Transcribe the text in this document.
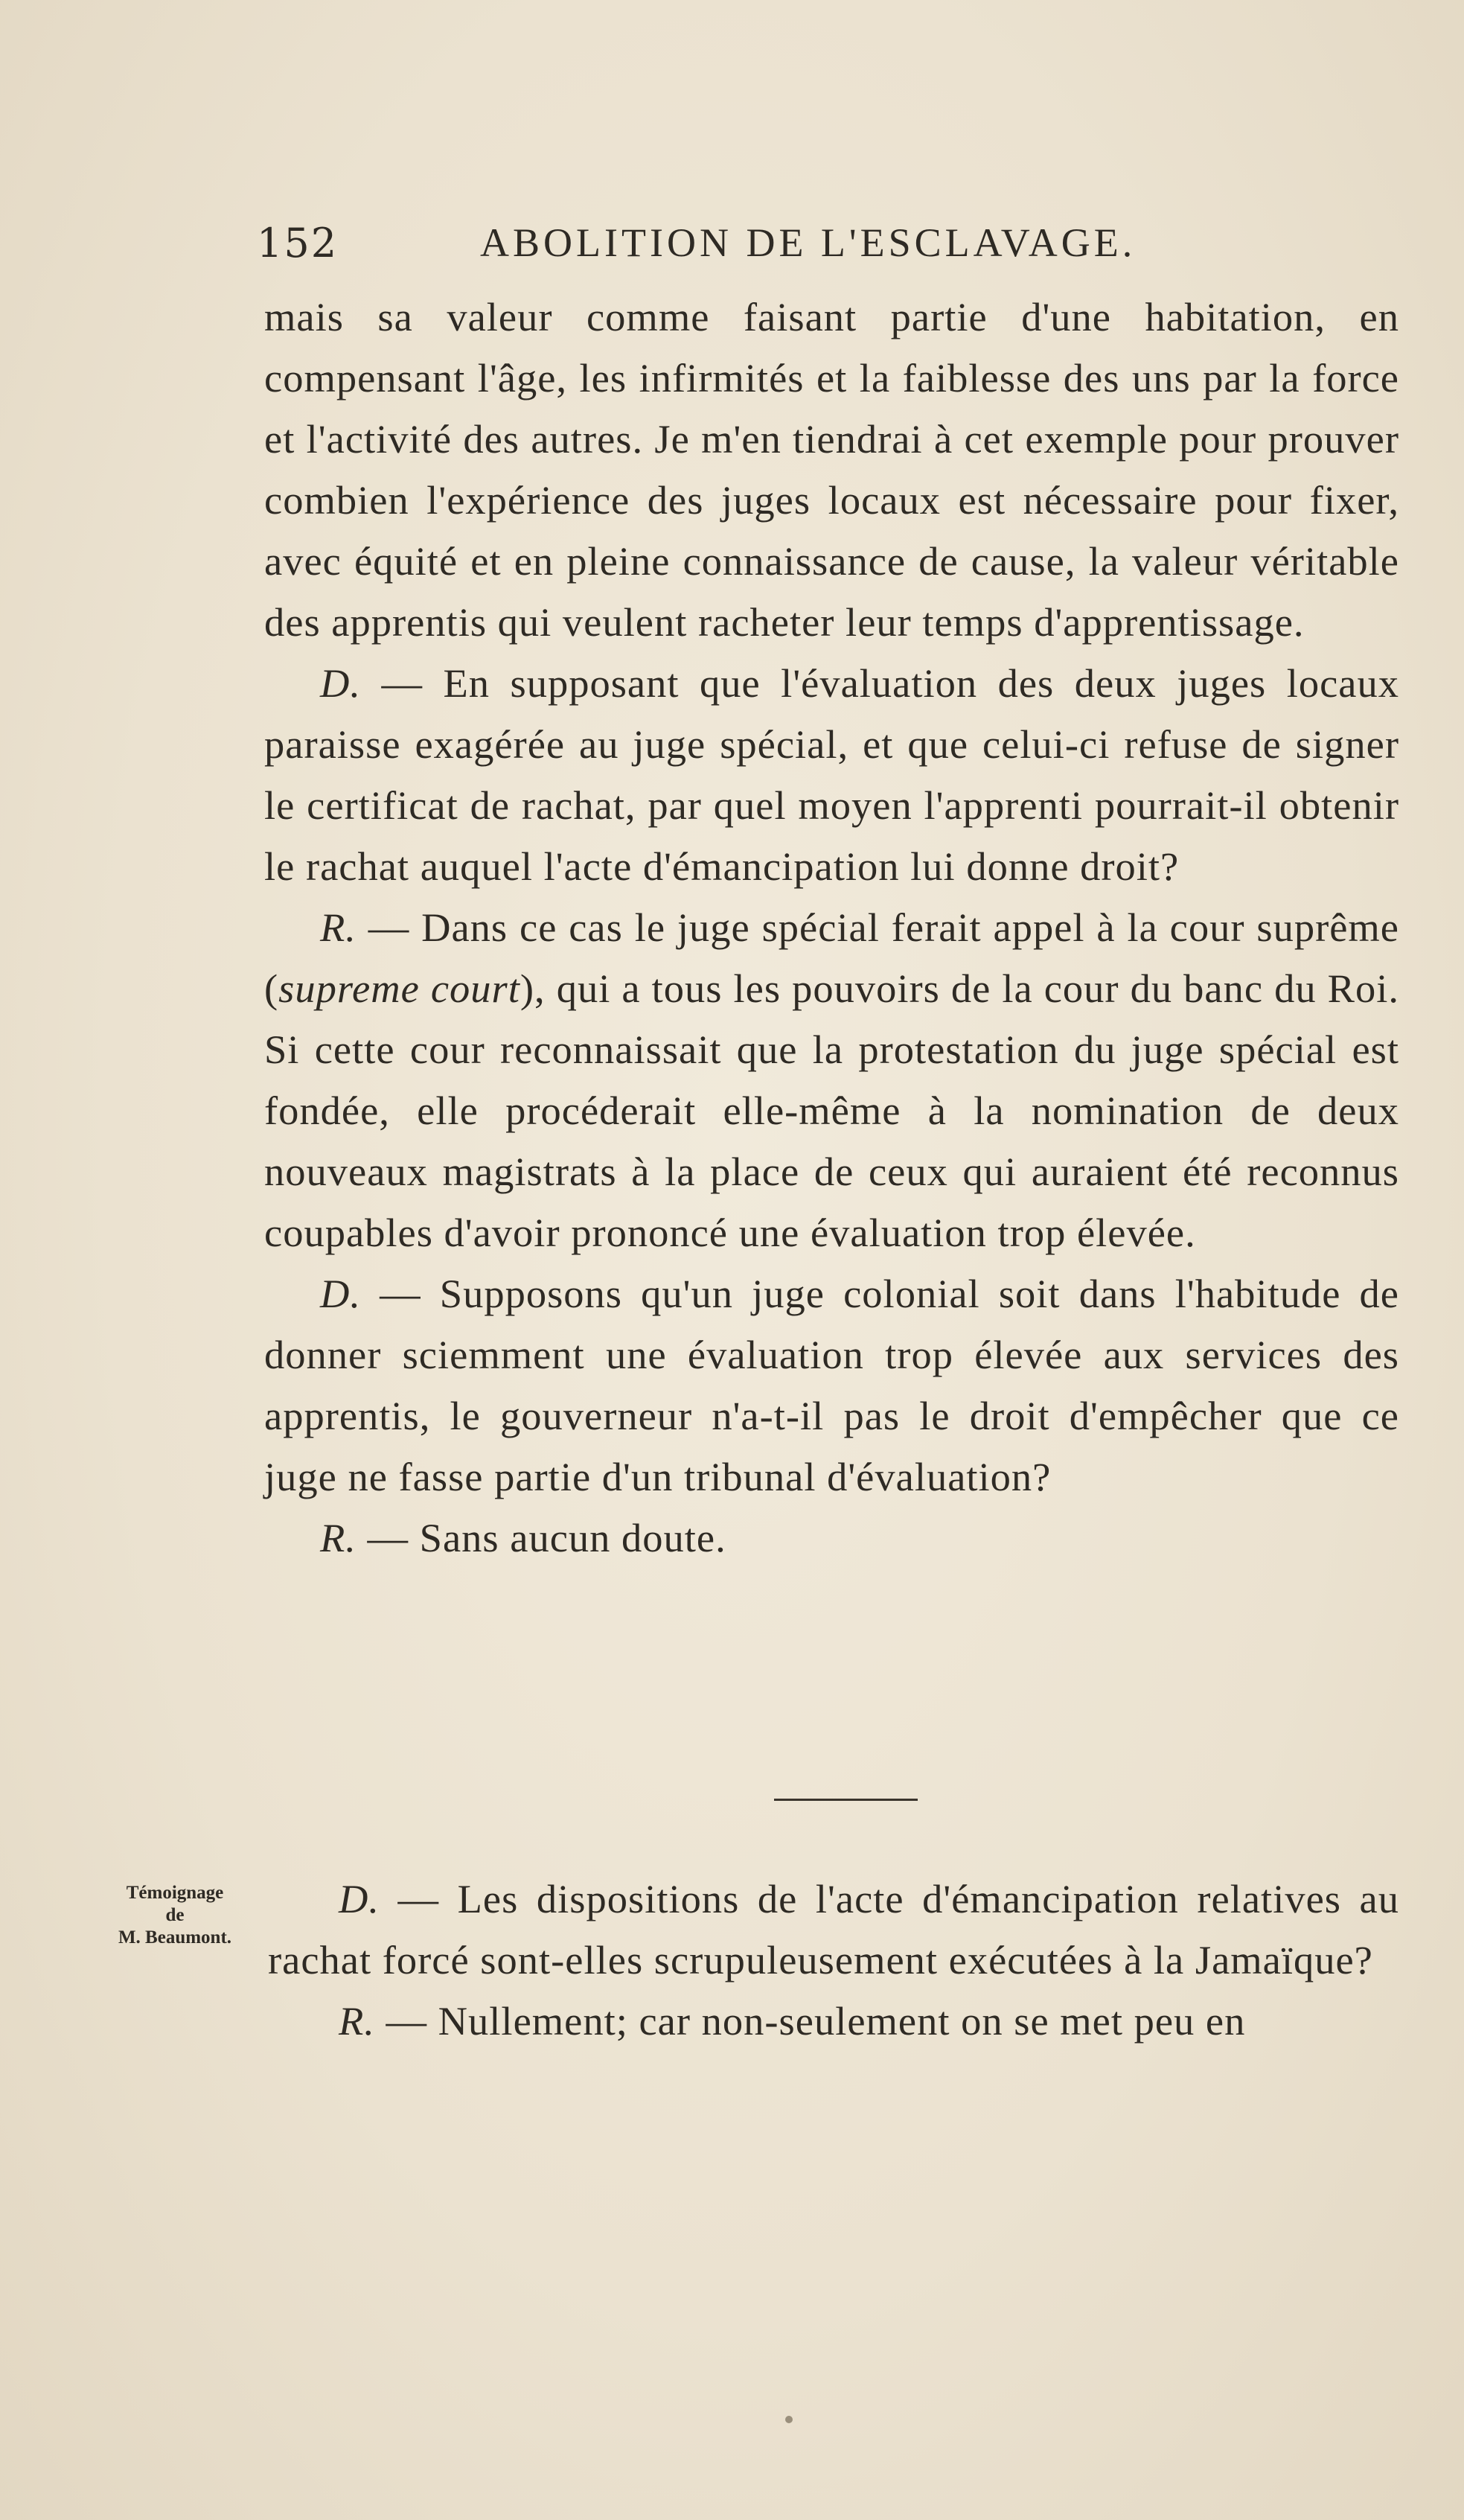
152	ABOLITION DE L'ESCLAVAGE.

mais sa valeur comme faisant partie d'une habitation, en compensant l'âge, les infirmités et la faiblesse des uns par la force et l'activité des autres. Je m'en tiendrai à cet exemple pour prouver combien l'expérience des juges locaux est nécessaire pour fixer, avec équité et en pleine connaissance de cause, la valeur véritable des apprentis qui veulent racheter leur temps d'apprentissage.

D. — En supposant que l'évaluation des deux juges locaux paraisse exagérée au juge spécial, et que celui-ci refuse de signer le certificat de rachat, par quel moyen l'apprenti pourrait-il obtenir le rachat auquel l'acte d'émancipation lui donne droit?

R. — Dans ce cas le juge spécial ferait appel à la cour suprême (supreme court), qui a tous les pouvoirs de la cour du banc du Roi. Si cette cour reconnaissait que la protestation du juge spécial est fondée, elle procéderait elle-même à la nomination de deux nouveaux magistrats à la place de ceux qui auraient été reconnus coupables d'avoir prononcé une évaluation trop élevée.

D. — Supposons qu'un juge colonial soit dans l'habitude de donner sciemment une évaluation trop élevée aux services des apprentis, le gouverneur n'a-t-il pas le droit d'empêcher que ce juge ne fasse partie d'un tribunal d'évaluation?

R. — Sans aucun doute.

Témoignage
de
M. Beaumont.

D. — Les dispositions de l'acte d'émancipation relatives au rachat forcé sont-elles scrupuleusement exécutées à la Jamaïque?

R. — Nullement; car non-seulement on se met peu en
